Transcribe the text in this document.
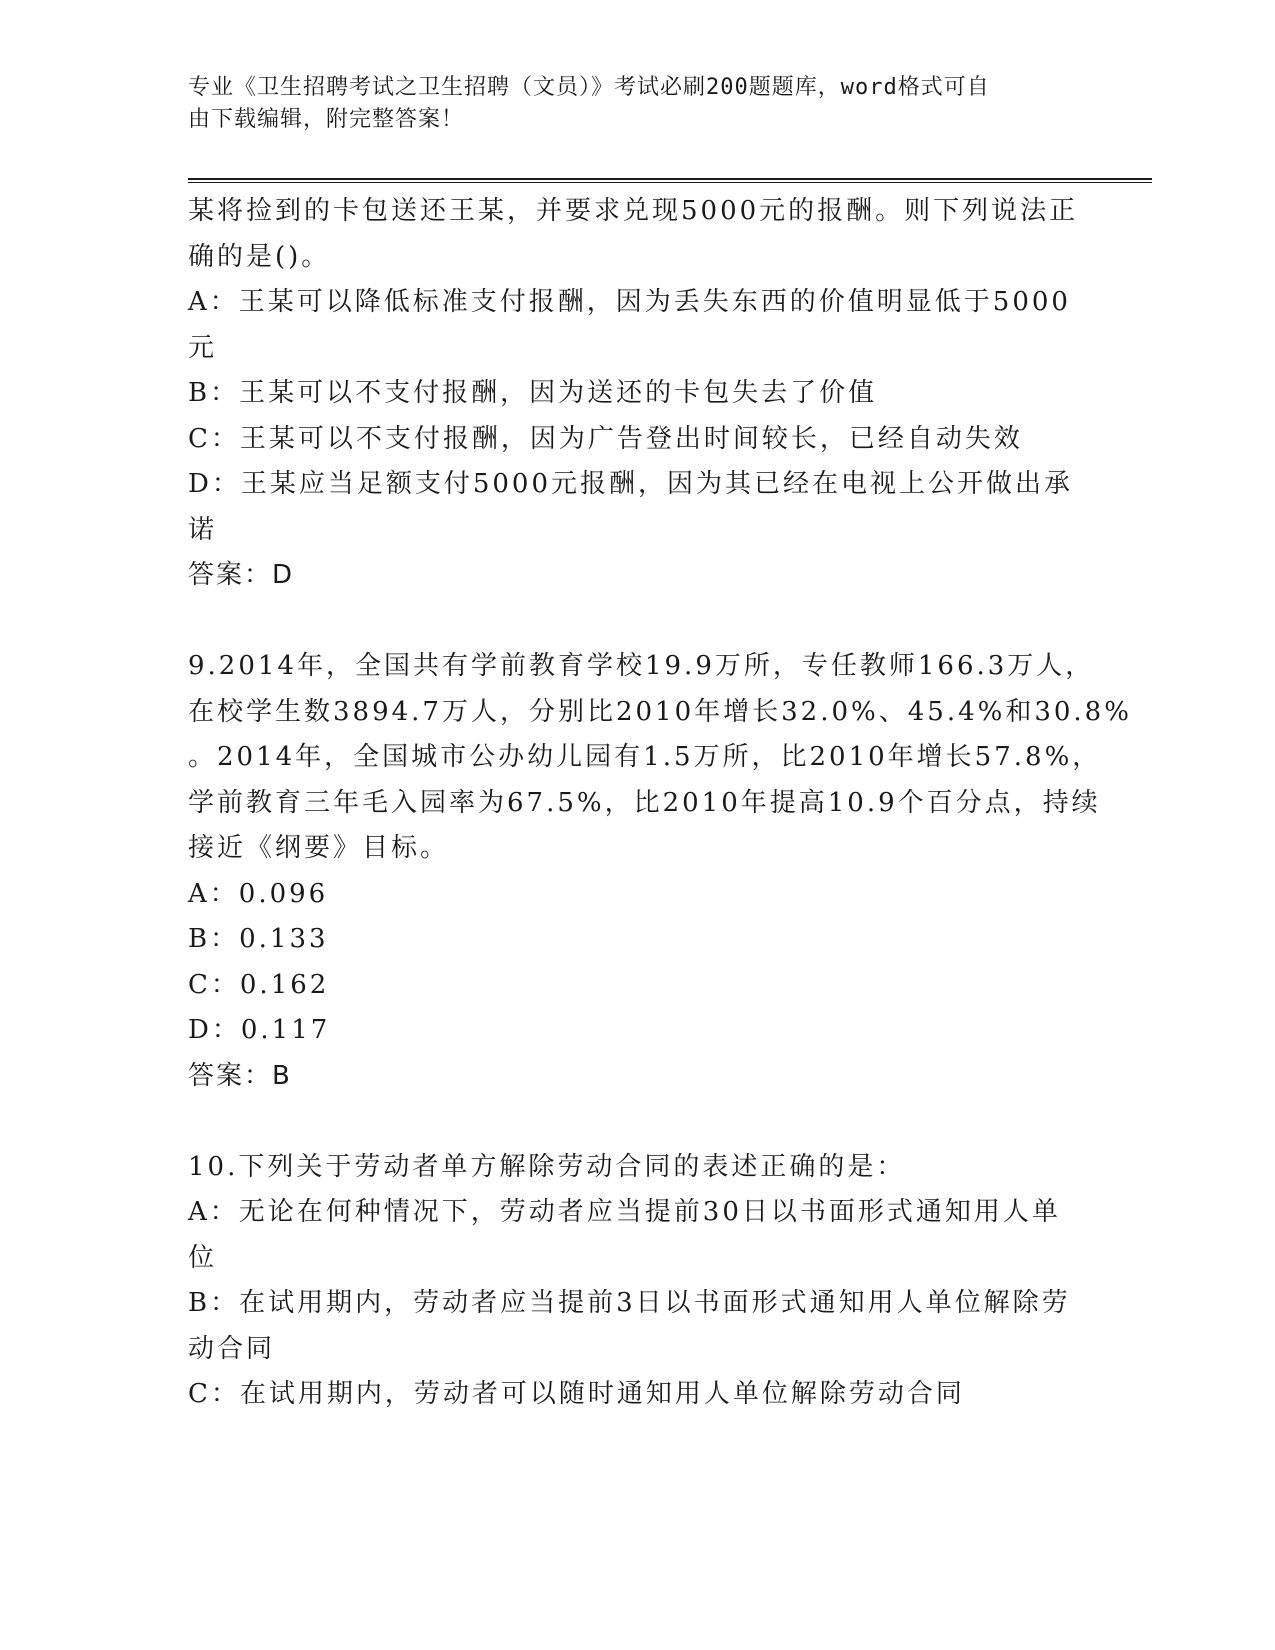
专业《卫生招聘考试之卫生招聘（文员）》考试必刷200题题库，word格式可自
由下载编辑，附完整答案！
某将捡到的卡包送还王某，并要求兑现5000元的报酬。则下列说法正
确的是()。
A：王某可以降低标准支付报酬，因为丢失东西的价值明显低于5000
元
B：王某可以不支付报酬，因为送还的卡包失去了价值
C：王某可以不支付报酬，因为广告登出时间较长，已经自动失效
D：王某应当足额支付5000元报酬，因为其已经在电视上公开做出承
诺
答案：D
9.2014年，全国共有学前教育学校19.9万所，专任教师166.3万人，
在校学生数3894.7万人，分别比2010年增长32.0%、45.4%和30.8%
。2014年，全国城市公办幼儿园有1.5万所，比2010年增长57.8%，
学前教育三年毛入园率为67.5%，比2010年提高10.9个百分点，持续
接近《纲要》目标。
A：0.096
B：0.133
C：0.162
D：0.117
答案：B
10.下列关于劳动者单方解除劳动合同的表述正确的是：
A：无论在何种情况下，劳动者应当提前30日以书面形式通知用人单
位
B：在试用期内，劳动者应当提前3日以书面形式通知用人单位解除劳
动合同
C：在试用期内，劳动者可以随时通知用人单位解除劳动合同
